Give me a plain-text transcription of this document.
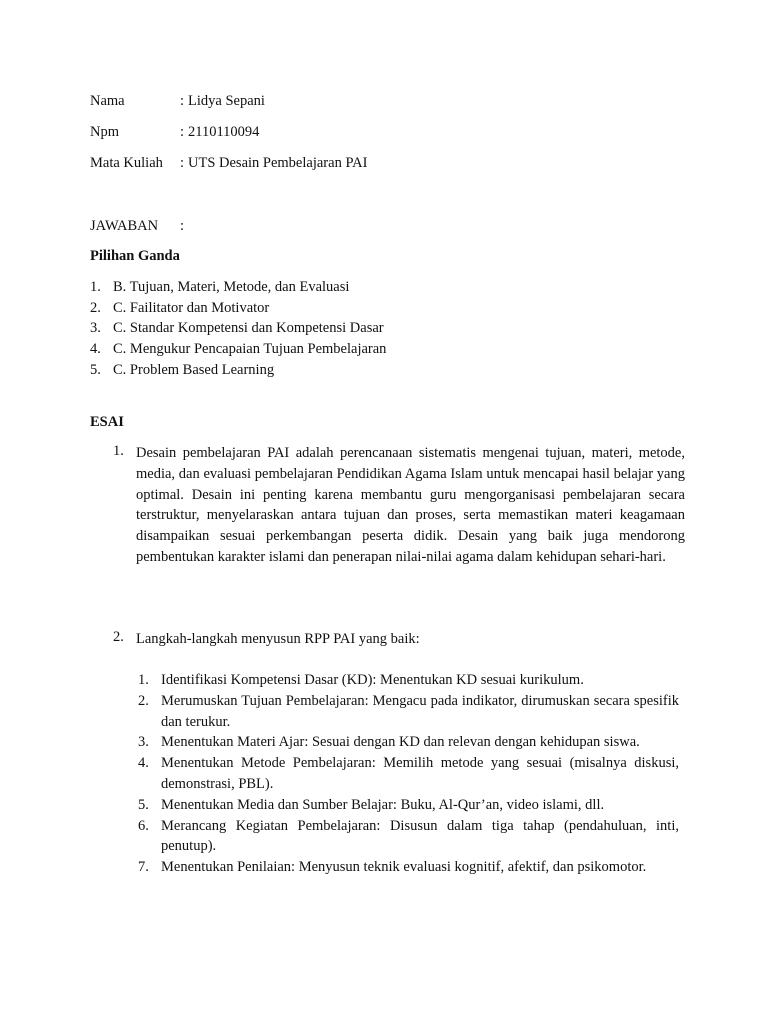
Nama	: Lidya Sepani
Npm	: 2110110094
Mata Kuliah : UTS Desain Pembelajaran PAI
JAWABAN :
Pilihan Ganda
1. B. Tujuan, Materi, Metode, dan Evaluasi
2. C. Failitator dan Motivator
3. C. Standar Kompetensi dan Kompetensi Dasar
4. C. Mengukur Pencapaian Tujuan Pembelajaran
5. C. Problem Based Learning
ESAI
1. Desain pembelajaran PAI adalah perencanaan sistematis mengenai tujuan, materi, metode, media, dan evaluasi pembelajaran Pendidikan Agama Islam untuk mencapai hasil belajar yang optimal. Desain ini penting karena membantu guru mengorganisasi pembelajaran secara terstruktur, menyelaraskan antara tujuan dan proses, serta memastikan materi keagamaan disampaikan sesuai perkembangan peserta didik. Desain yang baik juga mendorong pembentukan karakter islami dan penerapan nilai-nilai agama dalam kehidupan sehari-hari.
2. Langkah-langkah menyusun RPP PAI yang baik:
1. Identifikasi Kompetensi Dasar (KD): Menentukan KD sesuai kurikulum.
2. Merumuskan Tujuan Pembelajaran: Mengacu pada indikator, dirumuskan secara spesifik dan terukur.
3. Menentukan Materi Ajar: Sesuai dengan KD dan relevan dengan kehidupan siswa.
4. Menentukan Metode Pembelajaran: Memilih metode yang sesuai (misalnya diskusi, demonstrasi, PBL).
5. Menentukan Media dan Sumber Belajar: Buku, Al-Qur’an, video islami, dll.
6. Merancang Kegiatan Pembelajaran: Disusun dalam tiga tahap (pendahuluan, inti, penutup).
7. Menentukan Penilaian: Menyusun teknik evaluasi kognitif, afektif, dan psikomotor.
